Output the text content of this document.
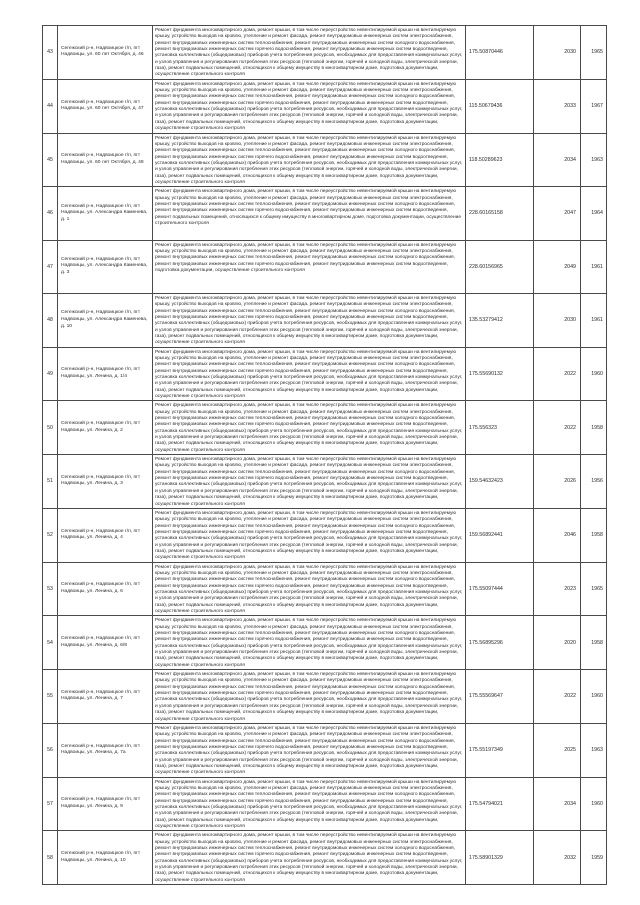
43	Сегежский р-н, Надвоицкое г/п, пгт Надвоицы, ул. 60 лет Октября, д. 46	Ремонт фундамента многоквартирного дома, ремонт крыши, в том числе переустройство невентилируемой крыши на вентилируемую крышу, устройство выходов на кровлю, утепление и ремонт фасада, ремонт внутридомовых инженерных систем электроснабжения, ремонт внутридомовых инженерных систем теплоснабжения, ремонт внутридомовых инженерных систем холодного водоснабжения, ремонт внутридомовых инженерных систем горячего водоснабжения, ремонт внутридомовых инженерных систем водоотведения, установка коллективных (общедомовых) приборов учета потребления ресурсов, необходимых для предоставления коммунальных услуг, и узлов управления и регулирования потребления этих ресурсов (тепловой энергии, горячей и холодной воды, электрической энергии, газа), ремонт подвальных помещений, относящихся к общему имуществу в многоквартирном доме, подготовка документации, осуществление строительного контроля	175.50870446	2030	1965
44	Сегежский р-н, Надвоицкое г/п, пгт Надвоицы, ул. 60 лет Октября, д. 47	Ремонт фундамента многоквартирного дома, ремонт крыши, в том числе переустройство невентилируемой крыши на вентилируемую крышу, устройство выходов на кровлю, утепление и ремонт фасада, ремонт внутридомовых инженерных систем электроснабжения, ремонт внутридомовых инженерных систем теплоснабжения, ремонт внутридомовых инженерных систем холодного водоснабжения, ремонт внутридомовых инженерных систем горячего водоснабжения, ремонт внутридомовых инженерных систем водоотведения, установка коллективных (общедомовых) приборов учета потребления ресурсов, необходимых для предоставления коммунальных услуг, и узлов управления и регулирования потребления этих ресурсов (тепловой энергии, горячей и холодной воды, электрической энергии, газа), ремонт подвальных помещений, относящихся к общему имуществу в многоквартирном доме, подготовка документации, осуществление строительного контроля	115.50679436	2033	1967
45	Сегежский р-н, Надвоицкое г/п, пгт Надвоицы, ул. 60 лет Октября, д. 48	Ремонт фундамента многоквартирного дома, ремонт крыши, в том числе переустройство невентилируемой крыши на вентилируемую крышу, устройство выходов на кровлю, утепление и ремонт фасада, ремонт внутридомовых инженерных систем электроснабжения, ремонт внутридомовых инженерных систем теплоснабжения, ремонт внутридомовых инженерных систем холодного водоснабжения, ремонт внутридомовых инженерных систем горячего водоснабжения, ремонт внутридомовых инженерных систем водоотведения, установка коллективных (общедомовых) приборов учета потребления ресурсов, необходимых для предоставления коммунальных услуг, и узлов управления и регулирования потребления этих ресурсов (тепловой энергии, горячей и холодной воды, электрической энергии, газа), ремонт подвальных помещений, относящихся к общему имуществу в многоквартирном доме, подготовка документации, осуществление строительного контроля	118.50289623	2034	1963
46	Сегежский р-н, Надвоицкое г/п, пгт Надвоицы, ул. Александра Каменева, д. 1	Ремонт фундамента многоквартирного дома, ремонт крыши, в том числе переустройство невентилируемой крыши на вентилируемую крышу, устройство выходов на кровлю, утепление и ремонт фасада, ремонт внутридомовых инженерных систем электроснабжения, ремонт внутридомовых инженерных систем теплоснабжения, ремонт внутридомовых инженерных систем холодного водоснабжения, ремонт внутридомовых инженерных систем горячего водоснабжения, ремонт внутридомовых инженерных систем водоотведения, ремонт подвальных помещений, относящихся к общему имуществу в многоквартирном доме, подготовка документации, осуществление строительного контроля	228.60165158	2047	1964
47	Сегежский р-н, Надвоицкое г/п, пгт Надвоицы, ул. Александра Каменева, д. 3	Ремонт фундамента многоквартирного дома, ремонт крыши, в том числе переустройство невентилируемой крыши на вентилируемую крышу, устройство выходов на кровлю, утепление и ремонт фасада, ремонт внутридомовых инженерных систем электроснабжения, ремонт внутридомовых инженерных систем теплоснабжения, ремонт внутридомовых инженерных систем холодного водоснабжения, ремонт внутридомовых инженерных систем горячего водоснабжения, ремонт внутридомовых инженерных систем водоотведения, подготовка документации, осуществление строительного контроля	228.60156965	2049	1961
48	Сегежский р-н, Надвоицкое г/п, пгт Надвоицы, ул. Александра Каменева, д. 10	Ремонт фундамента многоквартирного дома, ремонт крыши, в том числе переустройство невентилируемой крыши на вентилируемую крышу, устройство выходов на кровлю, утепление и ремонт фасада, ремонт внутридомовых инженерных систем электроснабжения, ремонт внутридомовых инженерных систем теплоснабжения, ремонт внутридомовых инженерных систем холодного водоснабжения, ремонт внутридомовых инженерных систем горячего водоснабжения, ремонт внутридомовых инженерных систем водоотведения, установка коллективных (общедомовых) приборов учета потребления ресурсов, необходимых для предоставления коммунальных услуг, и узлов управления и регулирования потребления этих ресурсов (тепловой энергии, горячей и холодной воды, электрической энергии, газа), ремонт подвальных помещений, относящихся к общему имуществу в многоквартирном доме, подготовка документации, осуществление строительного контроля	135.53279412	2030	1961
49	Сегежский р-н, Надвоицкое г/п, пгт Надвоицы, ул. Ленина, д. 1/4	Ремонт фундамента многоквартирного дома, ремонт крыши, в том числе переустройство невентилируемой крыши на вентилируемую крышу, устройство выходов на кровлю, утепление и ремонт фасада, ремонт внутридомовых инженерных систем электроснабжения, ремонт внутридомовых инженерных систем теплоснабжения, ремонт внутридомовых инженерных систем холодного водоснабжения, ремонт внутридомовых инженерных систем горячего водоснабжения, ремонт внутридомовых инженерных систем водоотведения, установка коллективных (общедомовых) приборов учета потребления ресурсов, необходимых для предоставления коммунальных услуг, и узлов управления и регулирования потребления этих ресурсов (тепловой энергии, горячей и холодной воды, электрической энергии, газа), ремонт подвальных помещений, относящихся к общему имуществу в многоквартирном доме, подготовка документации, осуществление строительного контроля	175.55690132	2022	1960
50	Сегежский р-н, Надвоицкое г/п, пгт Надвоицы, ул. Ленина, д. 2	Ремонт фундамента многоквартирного дома, ремонт крыши, в том числе переустройство невентилируемой крыши на вентилируемую крышу, устройство выходов на кровлю, утепление и ремонт фасада, ремонт внутридомовых инженерных систем электроснабжения, ремонт внутридомовых инженерных систем теплоснабжения, ремонт внутридомовых инженерных систем холодного водоснабжения, ремонт внутридомовых инженерных систем горячего водоснабжения, ремонт внутридомовых инженерных систем водоотведения, установка коллективных (общедомовых) приборов учета потребления ресурсов, необходимых для предоставления коммунальных услуг, и узлов управления и регулирования потребления этих ресурсов (тепловой энергии, горячей и холодной воды, электрической энергии, газа), ремонт подвальных помещений, относящихся к общему имуществу в многоквартирном доме, подготовка документации, осуществление строительного контроля	175.556323	2022	1958
51	Сегежский р-н, Надвоицкое г/п, пгт Надвоицы, ул. Ленина, д. 3	Ремонт фундамента многоквартирного дома, ремонт крыши, в том числе переустройство невентилируемой крыши на вентилируемую крышу, устройство выходов на кровлю, утепление и ремонт фасада, ремонт внутридомовых инженерных систем электроснабжения, ремонт внутридомовых инженерных систем теплоснабжения, ремонт внутридомовых инженерных систем холодного водоснабжения, ремонт внутридомовых инженерных систем горячего водоснабжения, ремонт внутридомовых инженерных систем водоотведения, установка коллективных (общедомовых) приборов учета потребления ресурсов, необходимых для предоставления коммунальных услуг, и узлов управления и регулирования потребления этих ресурсов (тепловой энергии, горячей и холодной воды, электрической энергии, газа), ремонт подвальных помещений, относящихся к общему имуществу в многоквартирном доме, подготовка документации, осуществление строительного контроля	159.54632423	2026	1956
52	Сегежский р-н, Надвоицкое г/п, пгт Надвоицы, ул. Ленина, д. 4	Ремонт фундамента многоквартирного дома, ремонт крыши, в том числе переустройство невентилируемой крыши на вентилируемую крышу, устройство выходов на кровлю, утепление и ремонт фасада, ремонт внутридомовых инженерных систем электроснабжения, ремонт внутридомовых инженерных систем теплоснабжения, ремонт внутридомовых инженерных систем холодного водоснабжения, ремонт внутридомовых инженерных систем горячего водоснабжения, ремонт внутридомовых инженерных систем водоотведения, установка коллективных (общедомовых) приборов учета потребления ресурсов, необходимых для предоставления коммунальных услуг, и узлов управления и регулирования потребления этих ресурсов (тепловой энергии, горячей и холодной воды, электрической энергии, газа), ремонт подвальных помещений, относящихся к общему имуществу в многоквартирном доме, подготовка документации, осуществление строительного контроля	159.56892441	2046	1958
53	Сегежский р-н, Надвоицкое г/п, пгт Надвоицы, ул. Ленина, д. 6	Ремонт фундамента многоквартирного дома, ремонт крыши, в том числе переустройство невентилируемой крыши на вентилируемую крышу, устройство выходов на кровлю, утепление и ремонт фасада, ремонт внутридомовых инженерных систем электроснабжения, ремонт внутридомовых инженерных систем теплоснабжения, ремонт внутридомовых инженерных систем холодного водоснабжения, ремонт внутридомовых инженерных систем горячего водоснабжения, ремонт внутридомовых инженерных систем водоотведения, установка коллективных (общедомовых) приборов учета потребления ресурсов, необходимых для предоставления коммунальных услуг, и узлов управления и регулирования потребления этих ресурсов (тепловой энергии, горячей и холодной воды, электрической энергии, газа), ремонт подвальных помещений, относящихся к общему имуществу в многоквартирном доме, подготовка документации, осуществление строительного контроля	175.55097444	2023	1965
54	Сегежский р-н, Надвоицкое г/п, пгт Надвоицы, ул. Ленина, д. 6/8	Ремонт фундамента многоквартирного дома, ремонт крыши, в том числе переустройство невентилируемой крыши на вентилируемую крышу, устройство выходов на кровлю, утепление и ремонт фасада, ремонт внутридомовых инженерных систем электроснабжения, ремонт внутридомовых инженерных систем теплоснабжения, ремонт внутридомовых инженерных систем холодного водоснабжения, ремонт внутридомовых инженерных систем горячего водоснабжения, ремонт внутридомовых инженерных систем водоотведения, установка коллективных (общедомовых) приборов учета потребления ресурсов, необходимых для предоставления коммунальных услуг, и узлов управления и регулирования потребления этих ресурсов (тепловой энергии, горячей и холодной воды, электрической энергии, газа), ремонт подвальных помещений, относящихся к общему имуществу в многоквартирном доме, подготовка документации, осуществление строительного контроля	175.56895296	2020	1958
55	Сегежский р-н, Надвоицкое г/п, пгт Надвоицы, ул. Ленина, д. 7	Ремонт фундамента многоквартирного дома, ремонт крыши, в том числе переустройство невентилируемой крыши на вентилируемую крышу, устройство выходов на кровлю, утепление и ремонт фасада, ремонт внутридомовых инженерных систем электроснабжения, ремонт внутридомовых инженерных систем теплоснабжения, ремонт внутридомовых инженерных систем холодного водоснабжения, ремонт внутридомовых инженерных систем горячего водоснабжения, ремонт внутридомовых инженерных систем водоотведения, установка коллективных (общедомовых) приборов учета потребления ресурсов, необходимых для предоставления коммунальных услуг, и узлов управления и регулирования потребления этих ресурсов (тепловой энергии, горячей и холодной воды, электрической энергии, газа), ремонт подвальных помещений, относящихся к общему имуществу в многоквартирном доме, подготовка документации, осуществление строительного контроля	175.55569647	2022	1960
56	Сегежский р-н, Надвоицкое г/п, пгт Надвоицы, ул. Ленина, д. 7а	Ремонт фундамента многоквартирного дома, ремонт крыши, в том числе переустройство невентилируемой крыши на вентилируемую крышу, устройство выходов на кровлю, утепление и ремонт фасада, ремонт внутридомовых инженерных систем электроснабжения, ремонт внутридомовых инженерных систем теплоснабжения, ремонт внутридомовых инженерных систем холодного водоснабжения, ремонт внутридомовых инженерных систем горячего водоснабжения, ремонт внутридомовых инженерных систем водоотведения, установка коллективных (общедомовых) приборов учета потребления ресурсов, необходимых для предоставления коммунальных услуг, и узлов управления и регулирования потребления этих ресурсов (тепловой энергии, горячей и холодной воды, электрической энергии, газа), ремонт подвальных помещений, относящихся к общему имуществу в многоквартирном доме, подготовка документации, осуществление строительного контроля	175.55197349	2025	1963
57	Сегежский р-н, Надвоицкое г/п, пгт Надвоицы, ул. Ленина, д. 9	Ремонт фундамента многоквартирного дома, ремонт крыши, в том числе переустройство невентилируемой крыши на вентилируемую крышу, устройство выходов на кровлю, утепление и ремонт фасада, ремонт внутридомовых инженерных систем электроснабжения, ремонт внутридомовых инженерных систем теплоснабжения, ремонт внутридомовых инженерных систем холодного водоснабжения, ремонт внутридомовых инженерных систем горячего водоснабжения, ремонт внутридомовых инженерных систем водоотведения, установка коллективных (общедомовых) приборов учета потребления ресурсов, необходимых для предоставления коммунальных услуг, и узлов управления и регулирования потребления этих ресурсов (тепловой энергии, горячей и холодной воды, электрической энергии, газа), ремонт подвальных помещений, относящихся к общему имуществу в многоквартирном доме, подготовка документации, осуществление строительного контроля	175.54794021	2034	1960
58	Сегежский р-н, Надвоицкое г/п, пгт Надвоицы, ул. Ленина, д. 10	Ремонт фундамента многоквартирного дома, ремонт крыши, в том числе переустройство невентилируемой крыши на вентилируемую крышу, устройство выходов на кровлю, утепление и ремонт фасада, ремонт внутридомовых инженерных систем электроснабжения, ремонт внутридомовых инженерных систем теплоснабжения, ремонт внутридомовых инженерных систем холодного водоснабжения, ремонт внутридомовых инженерных систем горячего водоснабжения, ремонт внутридомовых инженерных систем водоотведения, установка коллективных (общедомовых) приборов учета потребления ресурсов, необходимых для предоставления коммунальных услуг, и узлов управления и регулирования потребления этих ресурсов (тепловой энергии, горячей и холодной воды, электрической энергии, газа), ремонт подвальных помещений, относящихся к общему имуществу в многоквартирном доме, подготовка документации, осуществление строительного контроля	175.58901329	2032	1959
